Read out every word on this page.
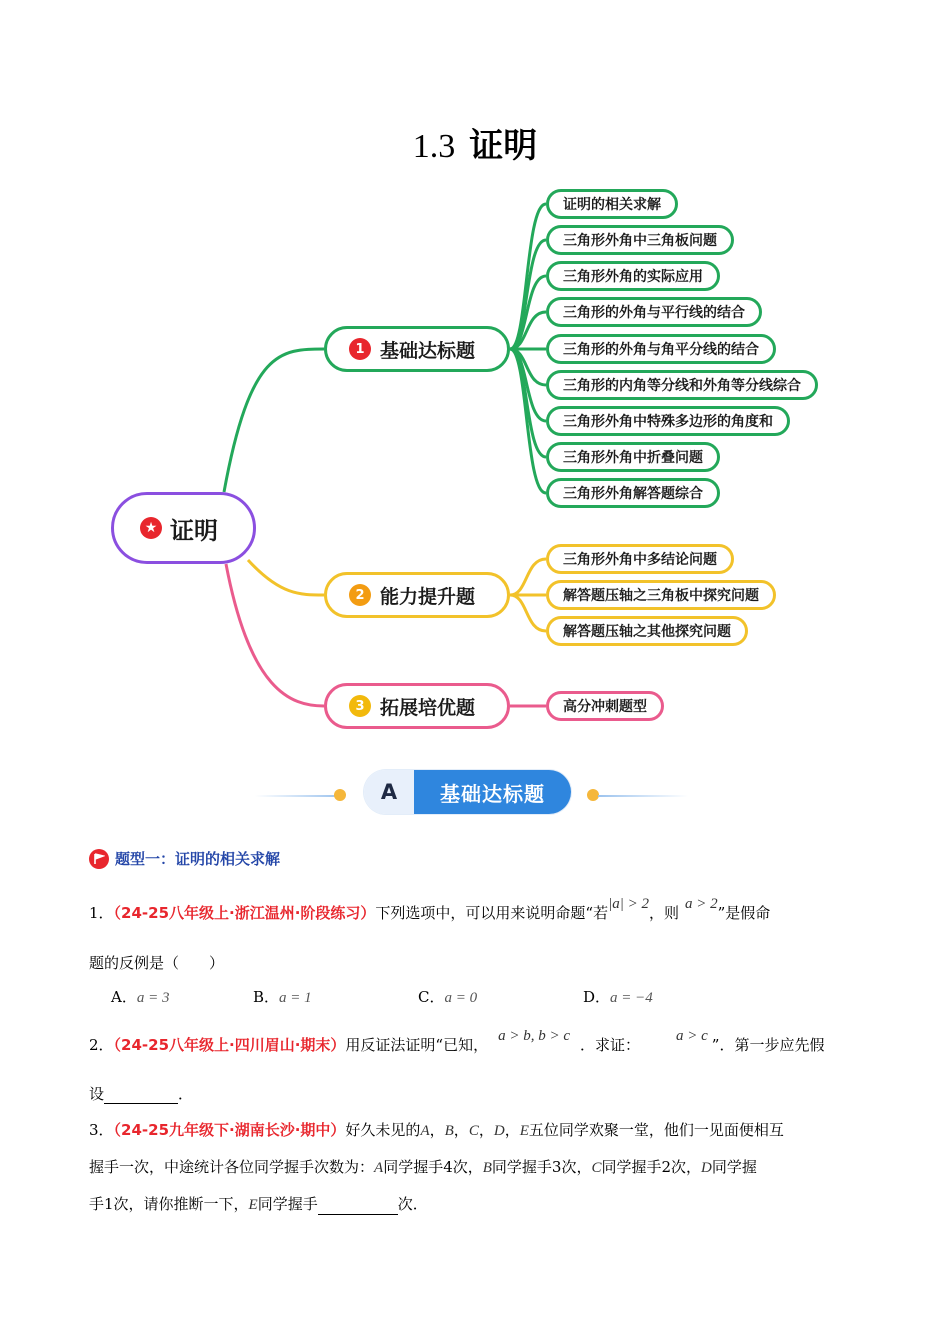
1.3 证明
★ 证明
1 基础达标题
2 能力提升题
3 拓展培优题
证明的相关求解
三角形外角中三角板问题
三角形外角的实际应用
三角形的外角与平行线的结合
三角形的外角与角平分线的结合
三角形的内角等分线和外角等分线综合
三角形外角中特殊多边形的角度和
三角形外角中折叠问题
三角形外角解答题综合
三角形外角中多结论问题
解答题压轴之三角板中探究问题
解答题压轴之其他探究问题
高分冲刺题型
A	基础达标题
题型一：证明的相关求解
1．（24-25八年级上·浙江温州·阶段练习）下列选项中，可以用来说明命题“若|a| > 2，则 a > 2”是假命
题的反例是（　　）
A．a = 3	B．a = 1	C．a = 0	D．a = −4
2．（24-25八年级上·四川眉山·期末）用反证法证明“已知， a > b, b > c ．求证： a > c ”．第一步应先假
设	．
3．（24-25九年级下·湖南长沙·期中）好久未见的A，B，C，D，E五位同学欢聚一堂，他们一见面便相互
握手一次，中途统计各位同学握手次数为：A同学握手4次，B同学握手3次，C同学握手2次，D同学握
手1次，请你推断一下，E同学握手	次．
